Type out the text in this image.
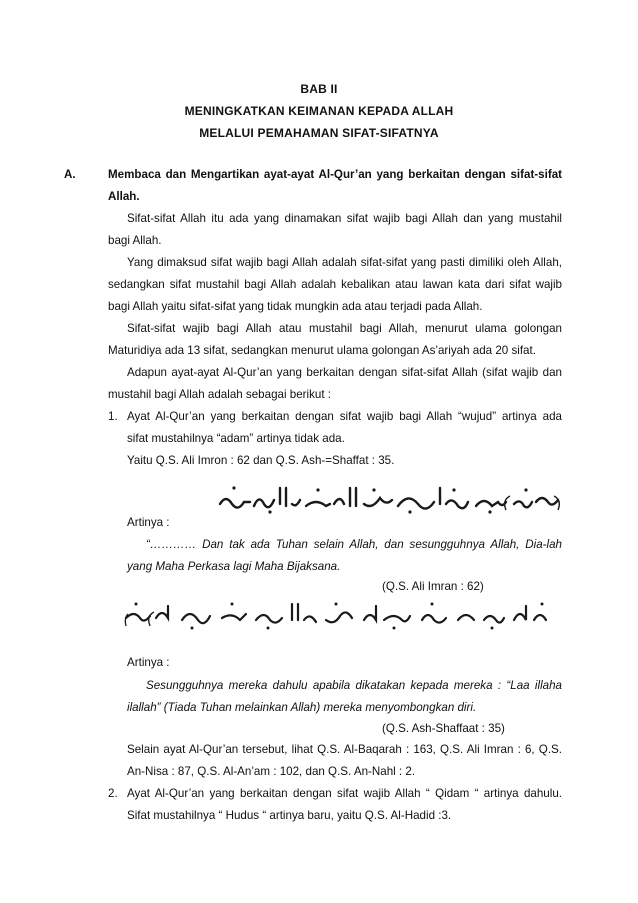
BAB II
MENINGKATKAN KEIMANAN KEPADA ALLAH
MELALUI PEMAHAMAN SIFAT-SIFATNYA
A.	Membaca dan Mengartikan ayat-ayat Al-Qur’an yang berkaitan dengan sifat-sifat
Allah.
Sifat-sifat Allah itu ada yang dinamakan sifat wajib bagi Allah dan yang mustahil
bagi Allah.
Yang dimaksud sifat wajib bagi Allah adalah sifat-sifat yang pasti dimiliki oleh Allah,
sedangkan sifat mustahil bagi Allah adalah kebalikan atau lawan kata dari sifat wajib
bagi Allah yaitu sifat-sifat yang tidak mungkin ada atau terjadi pada Allah.
Sifat-sifat wajib bagi Allah atau mustahil bagi Allah, menurut ulama golongan
Maturidiya ada 13 sifat, sedangkan menurut ulama golongan As’ariyah ada 20 sifat.
Adapun ayat-ayat Al-Qur’an yang berkaitan dengan sifat-sifat Allah (sifat wajib dan
mustahil bagi Allah adalah sebagai berikut :
1. Ayat Al-Qur’an yang berkaitan dengan sifat wajib bagi Allah “wujud” artinya ada
sifat mustahilnya “adam” artinya tidak ada.
Yaitu Q.S. Ali Imron : 62 dan Q.S. Ash-=Shaffat : 35.
Artinya :
“………… Dan tak ada Tuhan selain Allah, dan sesungguhnya Allah, Dia-lah
yang Maha Perkasa lagi Maha Bijaksana.
(Q.S. Ali Imran : 62)
Artinya :
Sesungguhnya mereka dahulu apabila dikatakan kepada mereka : “Laa illaha
ilallah” (Tiada Tuhan melainkan Allah) mereka menyombongkan diri.
(Q.S. Ash-Shaffaat : 35)
Selain ayat Al-Qur’an tersebut, lihat Q.S. Al-Baqarah : 163, Q.S. Ali Imran : 6, Q.S.
An-Nisa : 87, Q.S. Al-An’am : 102, dan Q.S. An-Nahl : 2.
2. Ayat Al-Qur’an yang berkaitan dengan sifat wajib Allah “ Qidam “ artinya dahulu.
Sifat mustahilnya “ Hudus “ artinya baru, yaitu Q.S. Al-Hadid :3.
